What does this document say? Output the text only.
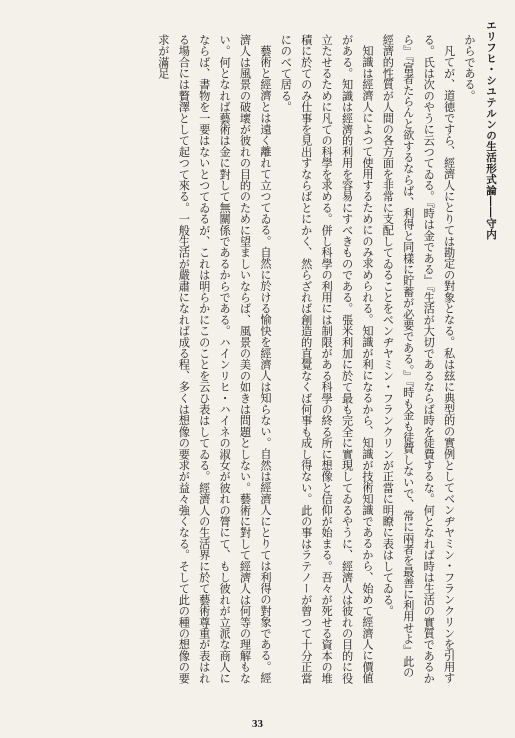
エリフヒ・シユテルンの生活形式論――守内

からである。

凡てが、道徳ですら、經濟人にとりては勘定の對象となる。私は玆に典型的の實例としてベンヂヤミン・フランクリンを引用する。氏は次のやうに云つてゐる。『時は金である』『生活が大切であるならば時を徒費するな。何となれば時は生活の實質であるから』『富者たらんと欲するならば、利得と同樣に貯蓄が必要である。』『時も金も徒費しないで、常に兩者を最善に利用せよ』此の經濟的性質が人間の各方面を非常に支配してゐることをベンヂヤミン・フランクリンが正當に明瞭に表はしてゐる。

知識は經濟人によつて使用するためにのみ求められる。知識が利になるから、知識が技術知識であるから、始めて經濟人に價値がある。知識は經濟的利用を容易にすべきものである。張米利加に於て最も完全に實現してゐるやうに、經濟人は彼れの目的に役立たせるために凡ての科學を求める。併し科學の利用には制限がある科學の終る所に想像と信仰が始まる。吾々が死せる資本の堆積に於てのみ仕事を見出すならばとにかく、然らざれば創造的直覺なくば何事も成し得ない。此の事はラテノーが曾つて十分正當にのべて居る。

藝術と經濟とは遠く離れて立つてゐる。自然に於ける愉快を經濟人は知らない。自然は經濟人にとりては利得の對象である。經濟人は風景の破壞が彼れの目的のために望ましいならば、風景の美の如きは問題としない。藝術に對して經濟人は何等の理解もない。何となれば藝術は金に對して無關係であるからである。ハインリヒ・ハイネの淑女が彼れの膂にて、もし彼れが立派な商人にならば、書物を一要はないとつてゐるが、これは明らかにこのことを云ひ表はしてゐる。經濟人の生活界に於て藝術尊重が表はれる場合には贅澤として起つて來る。一般生活が嚴肅になれば成る程、多くは想像の要求が益々強くなる。そして此の種の想像の要求が滿足

33
